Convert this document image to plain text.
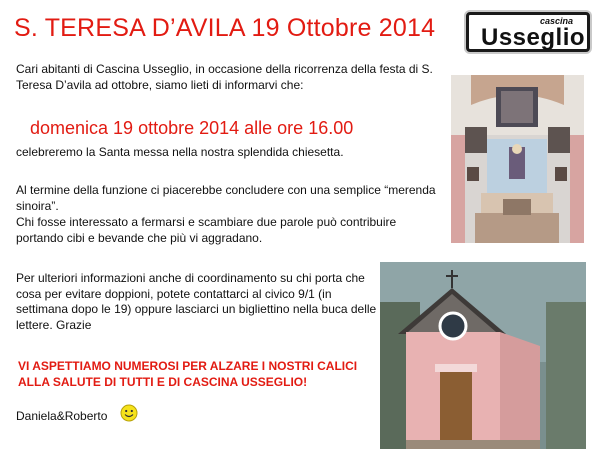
S. TERESA D’AVILA 19 Ottobre 2014	cascina
Usseglio
Cari abitanti di Cascina Usseglio, in occasione della ricorrenza della festa di S. Teresa D’avila ad ottobre, siamo lieti di informarvi che:
domenica 19 ottobre 2014 alle ore 16.00
celebreremo la Santa messa nella nostra splendida chiesetta.
Al termine della funzione ci piacerebbe concludere con una semplice “merenda sinoira”.
Chi fosse interessato a fermarsi e scambiare due parole può contribuire portando cibi e bevande che più vi aggradano.
Per ulteriori informazioni anche di coordinamento su chi porta che cosa per evitare doppioni, potete contattarci al civico 9/1 (in settimana dopo le 19) oppure lasciarci un bigliettino nella buca delle lettere. Grazie
VI ASPETTIAMO NUMEROSI PER ALZARE I NOSTRI CALICI ALLA SALUTE DI TUTTI E DI CASCINA USSEGLIO!
Daniela&Roberto
